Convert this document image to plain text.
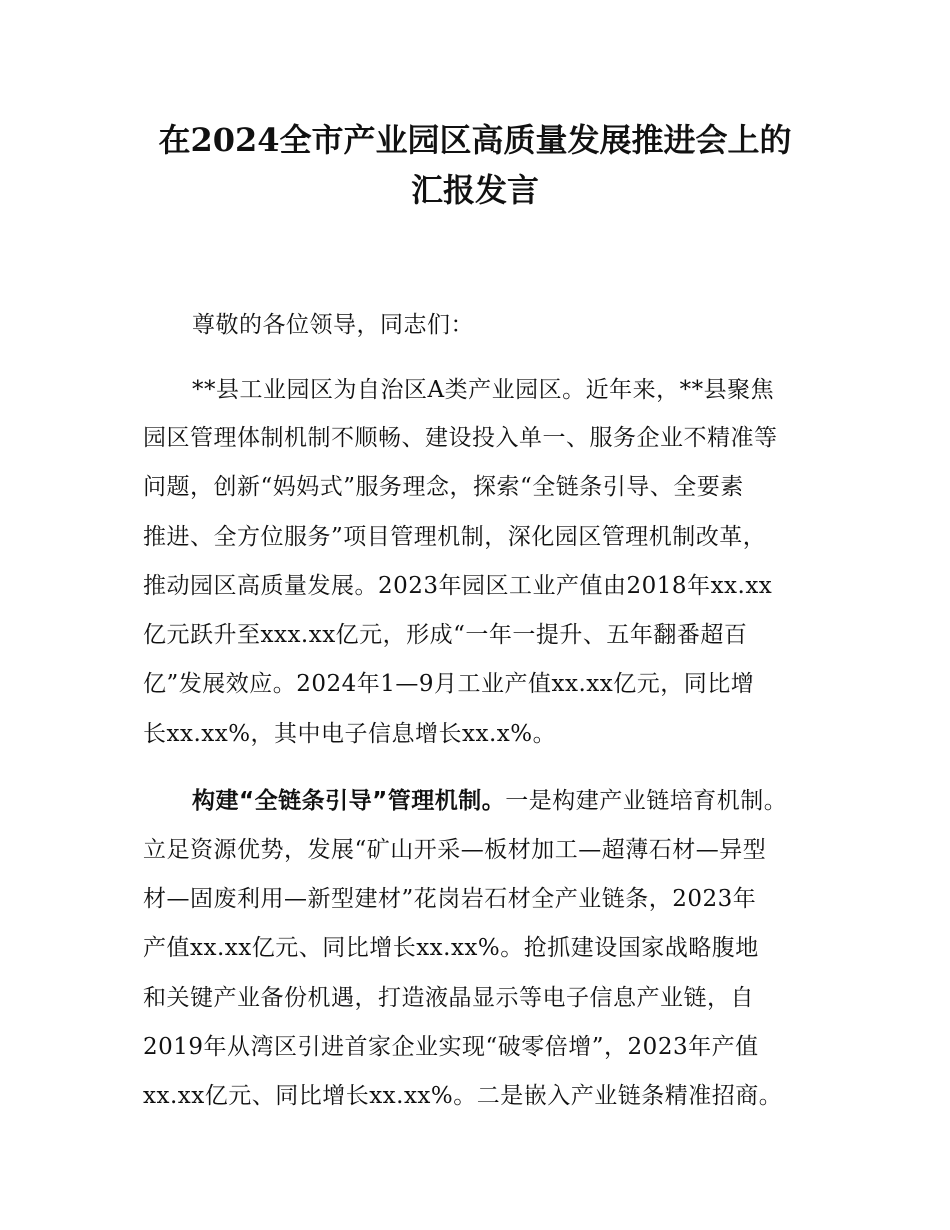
在2024全市产业园区高质量发展推进会上的
汇报发言
尊敬的各位领导，同志们：
**县工业园区为自治区A类产业园区。近年来，**县聚焦
园区管理体制机制不顺畅、建设投入单一、服务企业不精准等
问题，创新“妈妈式”服务理念，探索“全链条引导、全要素
推进、全方位服务”项目管理机制，深化园区管理机制改革，
推动园区高质量发展。2023年园区工业产值由2018年xx.xx
亿元跃升至xxx.xx亿元，形成“一年一提升、五年翻番超百
亿”发展效应。2024年1—9月工业产值xx.xx亿元，同比增
长xx.xx%，其中电子信息增长xx.x%。
构建“全链条引导”管理机制。一是构建产业链培育机制。
立足资源优势，发展“矿山开采—板材加工—超薄石材—异型
材—固废利用—新型建材”花岗岩石材全产业链条，2023年
产值xx.xx亿元、同比增长xx.xx%。抢抓建设国家战略腹地
和关键产业备份机遇，打造液晶显示等电子信息产业链，自
2019年从湾区引进首家企业实现“破零倍增”，2023年产值
xx.xx亿元、同比增长xx.xx%。二是嵌入产业链条精准招商。
